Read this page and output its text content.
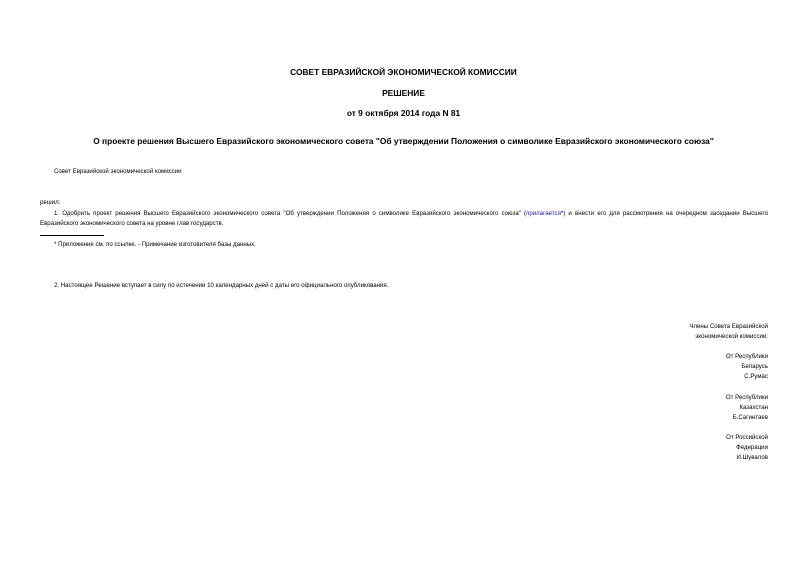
СОВЕТ ЕВРАЗИЙСКОЙ ЭКОНОМИЧЕСКОЙ КОМИССИИ
РЕШЕНИЕ
от 9 октября 2014 года N 81
О проекте решения Высшего Евразийского экономического совета "Об утверждении Положения о символике Евразийского экономического союза"
Совет Евразийской экономической комиссии
решил:
1. Одобрить проект решения Высшего Евразийского экономического совета "Об утверждении Положения о символике Евразийского экономического союза" (прилагается*) и внести его для рассмотрения на очередном заседании Высшего Евразийского экономического совета на уровне глав государств.
* Приложение см. по ссылке. - Примечание изготовителя базы данных.
2. Настоящее Решение вступает в силу по истечении 10 календарных дней с даты его официального опубликования.
Члены Совета Евразийской
экономической комиссии:
От Республики
Беларусь
С.Румас
От Республики
Казахстан
Б.Сагинтаев
От Российской
Федерации
И.Шувалов
